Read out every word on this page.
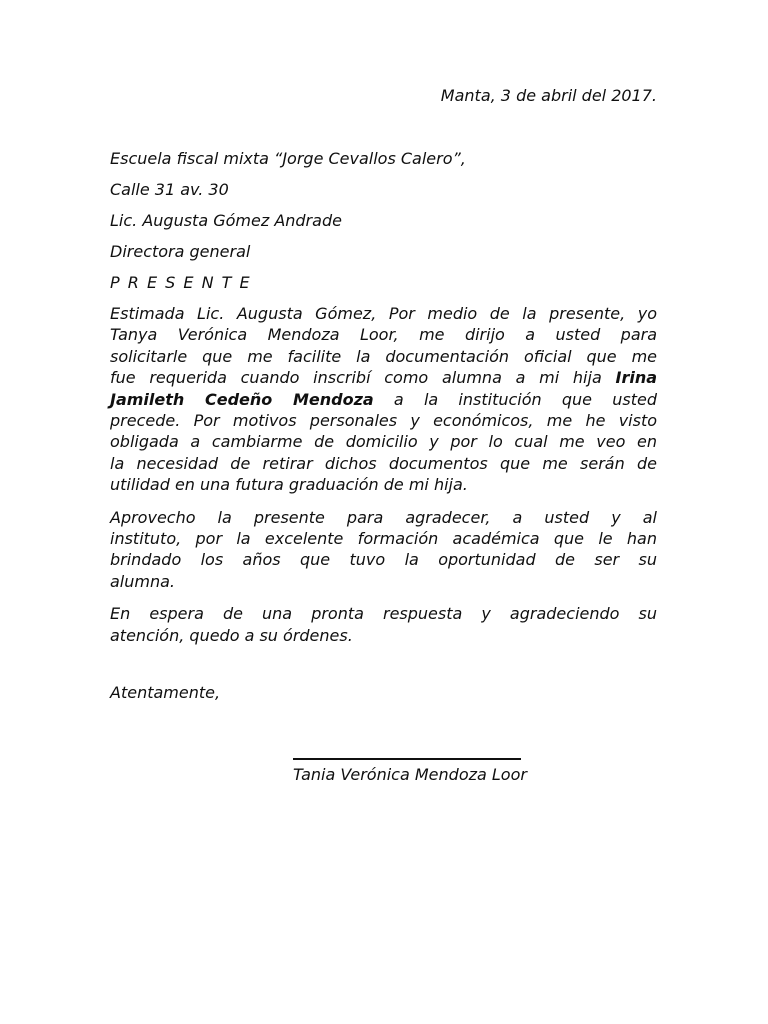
Manta, 3 de abril del 2017.
Escuela fiscal mixta “Jorge Cevallos Calero”,
Calle 31 av. 30
Lic. Augusta Gómez Andrade
Directora general
P R E S E N T E
Estimada Lic. Augusta Gómez, Por medio de la presente, yo
Tanya Verónica Mendoza Loor, me dirijo a usted para
solicitarle que me facilite la documentación oficial que me
fue requerida cuando inscribí como alumna a mi hija Irina
Jamileth Cedeño Mendoza a la institución que usted
precede. Por motivos personales y económicos, me he visto
obligada a cambiarme de domicilio y por lo cual me veo en
la necesidad de retirar dichos documentos que me serán de
utilidad en una futura graduación de mi hija.
Aprovecho la presente para agradecer, a usted y al
instituto, por la excelente formación académica que le han
brindado los años que tuvo la oportunidad de ser su
alumna.
En espera de una pronta respuesta y agradeciendo su
atención, quedo a su órdenes.
Atentamente,
Tania Verónica Mendoza Loor
